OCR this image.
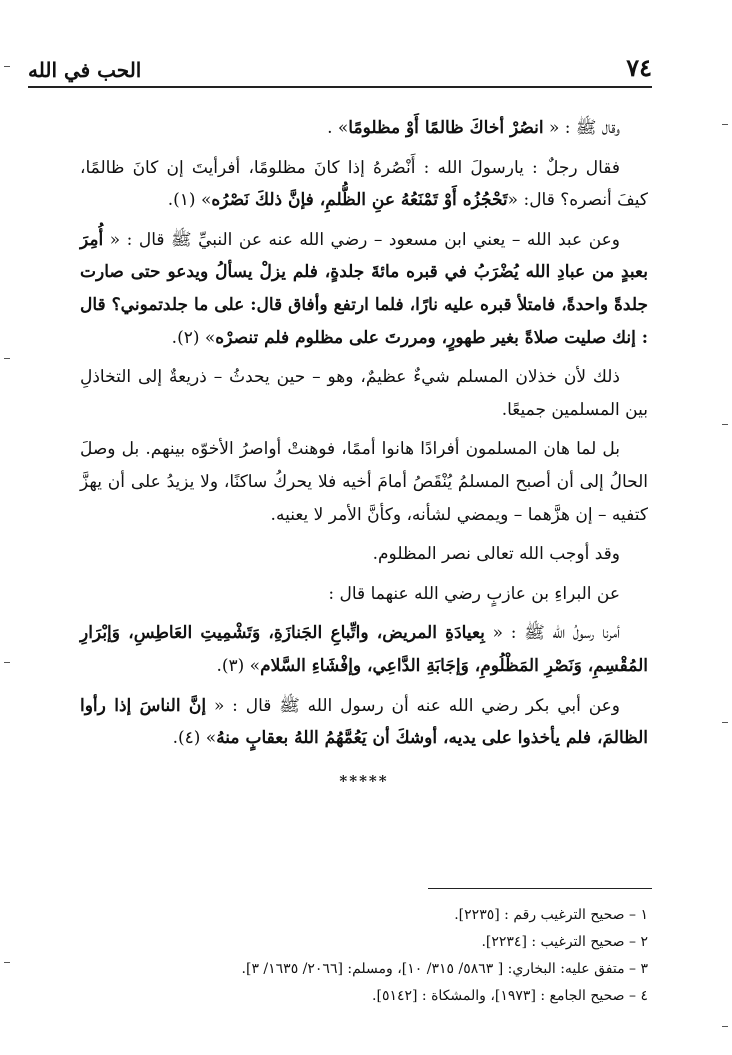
٧٤
الحب في الله

وقال ﷺ : « انصُرْ أخاكَ ظالمًا أَوْ مظلومًا» .

فقال رجلٌ : يارسولَ الله : أَنْصُرهُ إذا كانَ مظلومًا، أفرأيتَ إن كانَ ظالمًا، كيفَ أنصره؟ قال: «تَحْجُزُه أَوْ تَمْنَعُهُ عنِ الظُّلمِ، فإنَّ ذلكَ نَصْرُه» (١).

وعن عبد الله – يعني ابن مسعود – رضي الله عنه عن النبيِّ ﷺ قال : « أُمِرَ بعبدٍ من عبادِ الله يُضْرَبُ في قبره مائةَ جلدةٍ، فلم يزلْ يسألُ ويدعو حتى صارت جلدةً واحدةً، فامتلأ قبره عليه نارًا، فلما ارتفع وأفاق قال: على ما جلدتموني؟ قال : إنك صليت صلاةً بغير طهورٍ، ومررتَ على مظلوم فلم تنصرْه» (٢).

ذلك لأن خذلان المسلم شيءٌ عظيمٌ، وهو – حين يحدثُ – ذريعةٌ إلى التخاذلِ بين المسلمين جميعًا.

بل لما هان المسلمون أفرادًا هانوا أممًا، فوهنتْ أواصرُ الأخوّه بينهم. بل وصلَ الحالُ إلى أن أصبح المسلمُ يُنْقَصُ أمامَ أخيه فلا يحركُ ساكنًا، ولا يزيدُ على أن يهزَّ كتفيه – إن هزَّهما – ويمضي لشأنه، وكأنَّ الأمر لا يعنيه.

وقد أوجب الله تعالى نصر المظلوم.

عن البراءِ بن عازبٍ رضي الله عنهما قال :

أمرنا رسولُ الله ﷺ : « بِعيادَةِ المريض، واتِّباعِ الجَنازَةِ، وَتَشْمِيتِ العَاطِسِ، وَإبْرَارِ المُقْسِمِ، وَنَصْرِ المَظْلُومِ، وَإجَابَةِ الدَّاعِي، وإفْشَاءِ السَّلام» (٣).

وعن أبي بكر رضي الله عنه أن رسول الله ﷺ قال : « إنَّ الناسَ إذا رأوا الظالمَ، فلم يأخذوا على يديه، أوشكَ أن يَعُمَّهُمُ اللهُ بعقابٍ منهُ» (٤).

*****
١ – صحيح الترغيب رقم : [٢٢٣٥].
٢ – صحيح الترغيب : [٢٢٣٤].
٣ – متفق عليه: البخاري: [ ٥٨٦٣/ ٣١٥/ ١٠]، ومسلم: [٢٠٦٦/ ١٦٣٥/ ٣].
٤ – صحيح الجامع : [١٩٧٣]، والمشكاة : [٥١٤٢].
